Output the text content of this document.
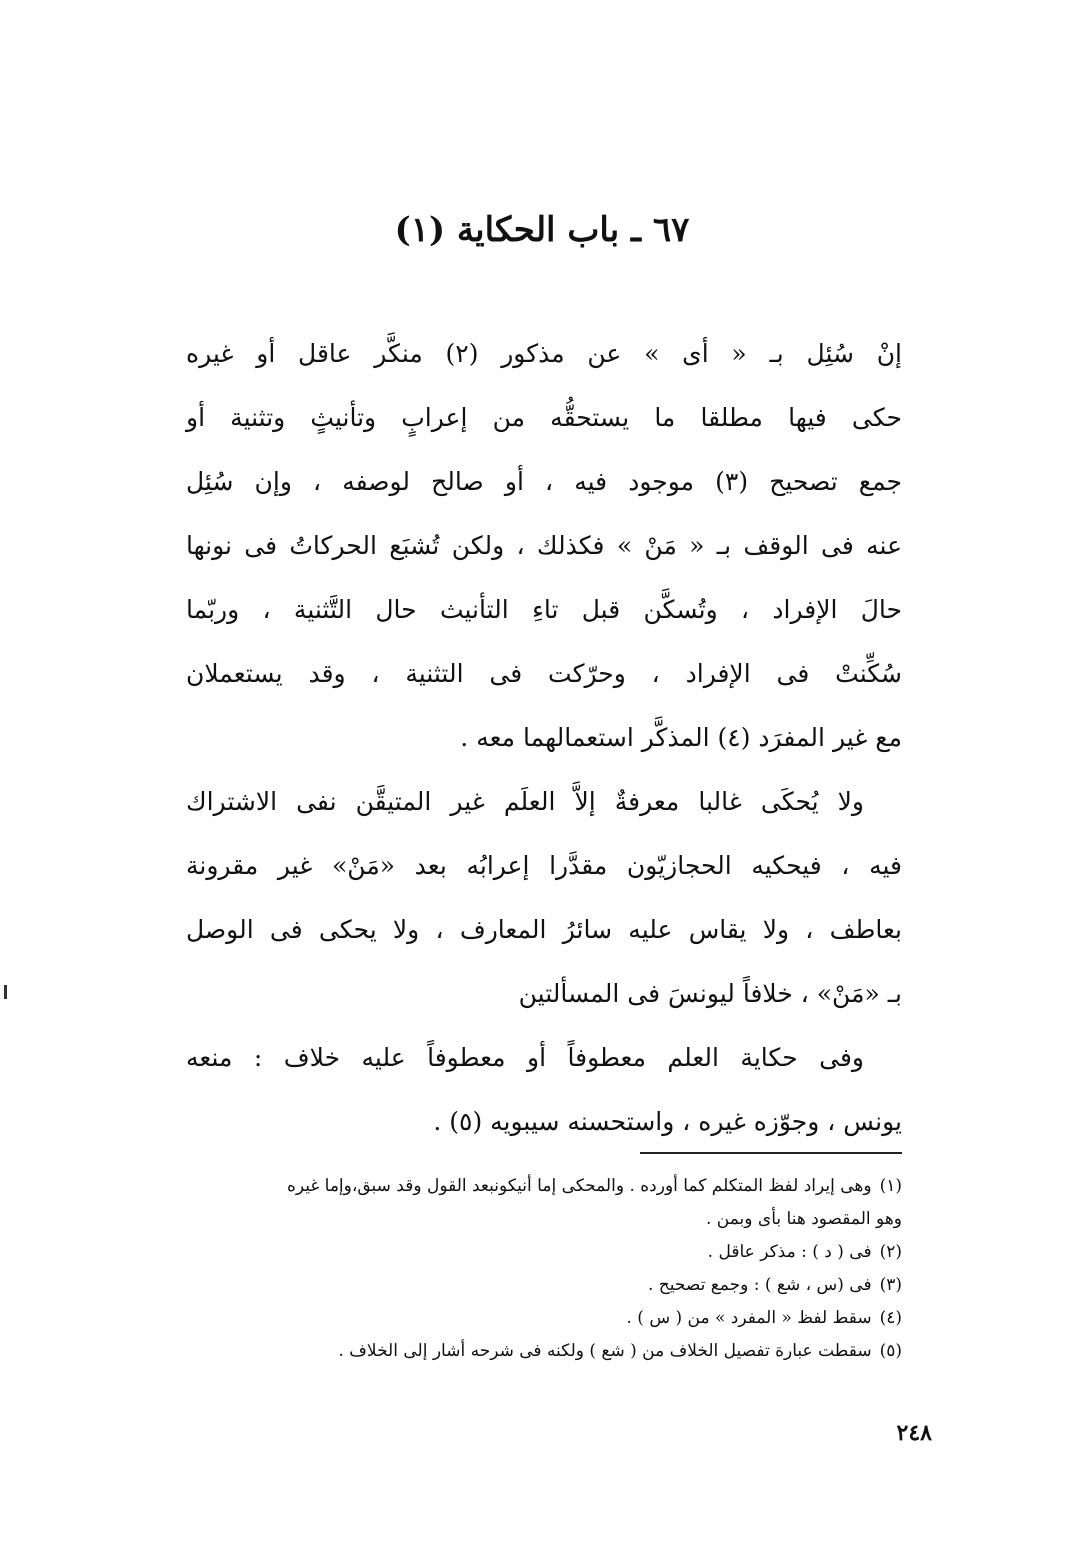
٦٧ ـ باب الحكاية (١)
إنْ سُئِل بـ « أى » عن مذكور (٢) منكَّر عاقل أو غيره
حكى فيها مطلقا ما يستحقُّه من إعرابٍ وتأنيثٍ وتثنية أو
جمع تصحيح (٣) موجود فيه ، أو صالح لوصفه ، وإن سُئِل
عنه فى الوقف بـ « مَنْ » فكذلك ، ولكن تُشبَع الحركاتُ فى نونها
حالَ الإفراد ، وتُسكَّن قبل تاءِ التأنيث حال التَّثنية ، وربّما
سُكِّنتْ فى الإفراد ، وحرّكت فى التثنية ، وقد يستعملان
مع غير المفرَد (٤) المذكَّر استعمالهما معه .
ولا يُحكَى غالبا معرفةٌ إلاَّ العلَم غير المتيقَّن نفى الاشتراك
فيه ، فيحكيه الحجازيّون مقدَّرا إعرابُه بعد «مَنْ» غير مقرونة
بعاطف ، ولا يقاس عليه سائرُ المعارف ، ولا يحكى فى الوصل
بـ «مَنْ» ، خلافاً ليونسَ فى المسألتين
وفى حكاية العلم معطوفاً أو معطوفاً عليه خلاف : منعه
يونس ، وجوّزه غيره ، واستحسنه سيبويه (٥) .
(١)وهى إيراد لفظ المتكلم كما أورده . والمحكى إما أنيكونبعد القول وقد سبق،وإما غيره
وهو المقصود هنا بأى وبمن .
(٢)فى ( د ) : مذكر عاقل .
(٣)فى (س ، شع ) : وجمع تصحيح .
(٤)سقط لفظ « المفرد » من ( س ) .
(٥)سقطت عبارة تفصيل الخلاف من ( شع ) ولكنه فى شرحه أشار إلى الخلاف .
٢٤٨
